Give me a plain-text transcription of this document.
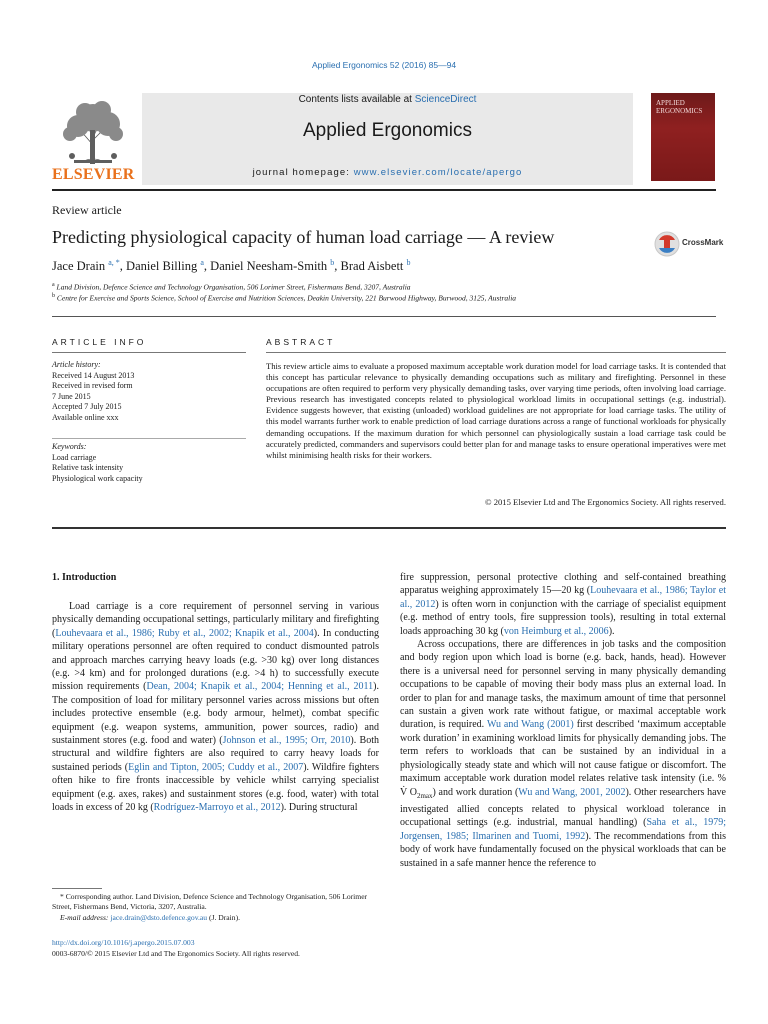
Applied Ergonomics 52 (2016) 85—94
ELSEVIER
Contents lists available at ScienceDirect
Applied Ergonomics
journal homepage: www.elsevier.com/locate/apergo
APPLIED ERGONOMICS
Review article
Predicting physiological capacity of human load carriage — A review	CrossMark
Jace Drain $^{a, *}$, Daniel Billing $^a$, Daniel Neesham-Smith $^b$, Brad Aisbett $^b$
$^a$ Land Division, Defence Science and Technology Organisation, 506 Lorimer Street, Fishermans Bend, 3207, Australia
$^b$ Centre for Exercise and Sports Science, School of Exercise and Nutrition Sciences, Deakin University, 221 Burwood Highway, Burwood, 3125, Australia
ARTICLE INFO	ABSTRACT
Article history:
Received 14 August 2013
Received in revised form
7 June 2015
Accepted 7 July 2015
Available online xxx
Keywords:
Load carriage
Relative task intensity
Physiological work capacity
This review article aims to evaluate a proposed maximum acceptable work duration model for load carriage tasks. It is contended that this concept has particular relevance to physically demanding occupations such as military and firefighting. Personnel in these occupations are often required to perform very physically demanding tasks, over varying time periods, often involving load carriage. Previous research has investigated concepts related to physiological workload limits in occupational settings (e.g. industrial). Evidence suggests however, that existing (unloaded) workload guidelines are not appropriate for load carriage tasks. The utility of this model warrants further work to enable prediction of load carriage durations across a range of functional workloads for physically demanding occupations. If the maximum duration for which personnel can physiologically sustain a load carriage task could be accurately predicted, commanders and supervisors could better plan for and manage tasks to ensure operational imperatives were met whilst minimising health risks for their workers.
© 2015 Elsevier Ltd and The Ergonomics Society. All rights reserved.
1. Introduction

Load carriage is a core requirement of personnel serving in various physically demanding occupational settings, particularly military and firefighting (Louhevaara et al., 1986; Ruby et al., 2002; Knapik et al., 2004). In conducting military operations personnel are often required to conduct dismounted patrols and approach marches carrying heavy loads (e.g. >30 kg) over long distances (e.g. >4 km) and for prolonged durations (e.g. >4 h) to successfully execute mission requirements (Dean, 2004; Knapik et al., 2004; Henning et al., 2011). The composition of load for military personnel varies across missions but often includes protective ensemble (e.g. body armour, helmet), combat specific equipment (e.g. weapon systems, ammunition, power sources, radio) and sustainment stores (e.g. food and water) (Johnson et al., 1995; Orr, 2010). Both structural and wildfire fighters are also required to carry heavy loads for sustained periods (Eglin and Tipton, 2005; Cuddy et al., 2007). Wildfire fighters often hike to fire fronts inaccessible by vehicle whilst carrying specialist equipment (e.g. axes, rakes) and sustainment stores (e.g. food, water) with total loads in excess of 20 kg (Rodríguez-Marroyo et al., 2012). During structural

fire suppression, personal protective clothing and self-contained breathing apparatus weighing approximately 15—20 kg (Louhevaara et al., 1986; Taylor et al., 2012) is often worn in conjunction with the carriage of specialist equipment (e.g. method of entry tools, fire suppression tools), resulting in total external loads approaching 30 kg (von Heimburg et al., 2006).

Across occupations, there are differences in job tasks and the composition and body region upon which load is borne (e.g. back, hands, head). However there is a universal need for personnel serving in many physically demanding occupations to be capable of moving their body mass plus an external load. In order to plan for and manage tasks, the maximum amount of time that personnel can sustain a given work rate without fatigue, or maximal acceptable work duration, is required. Wu and Wang (2001) first described ‘maximum acceptable work duration’ in examining workload limits for physically demanding jobs. The term refers to workloads that can be sustained by an individual in a physiologically steady state and which will not cause fatigue or discomfort. The maximum acceptable work duration model relates relative task intensity (i.e. % V̇ $O_{2max}$) and work duration (Wu and Wang, 2001, 2002). Other researchers have investigated allied concepts related to physical workload tolerance in occupational settings (e.g. industrial, manual handling) (Saha et al., 1979; Jorgensen, 1985; Ilmarinen and Tuomi, 1992). The recommendations from this body of work have fundamentally focused on the physical workloads that can be sustained in a safe manner hence the reference to

* Corresponding author. Land Division, Defence Science and Technology Organisation, 506 Lorimer Street, Fishermans Bend, Victoria, 3207, Australia.
E-mail address: jace.drain@dsto.defence.gov.au (J. Drain).
http://dx.doi.org/10.1016/j.apergo.2015.07.003
0003-6870/© 2015 Elsevier Ltd and The Ergonomics Society. All rights reserved.
